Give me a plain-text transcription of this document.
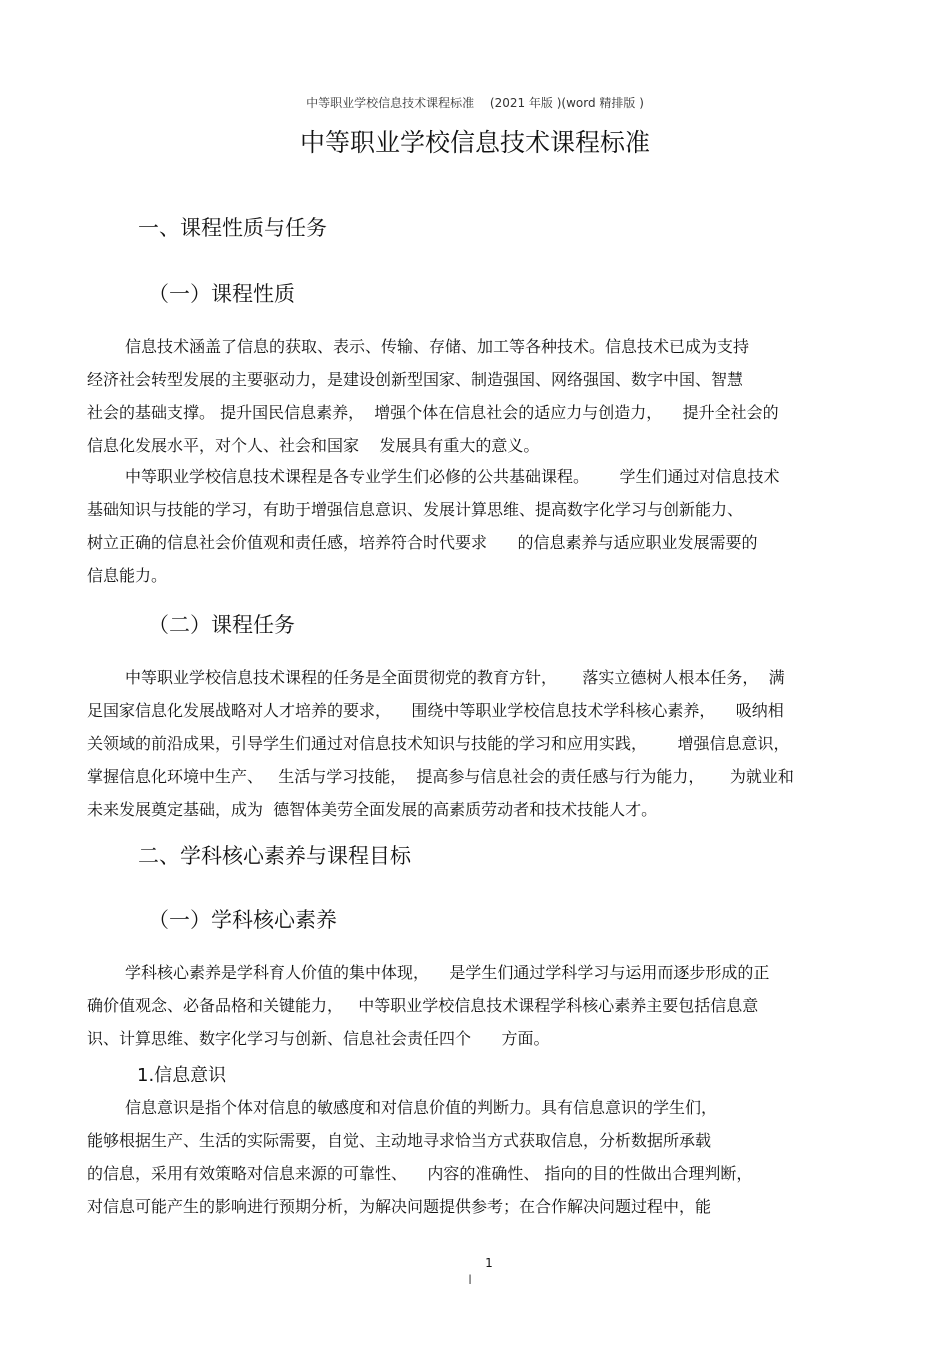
中等职业学校信息技术课程标准　 (2021 年版 )(word 精排版 )
中等职业学校信息技术课程标准
一、课程性质与任务
（一）课程性质
信息技术涵盖了信息的获取、表示、传输、存储、加工等各种技术。信息技术已成为支持
经济社会转型发展的主要驱动力，是建设创新型国家、制造强国、网络强国、数字中国、智慧
社会的基础支撑。 提升国民信息素养，  增强个体在信息社会的适应力与创造力，    提升全社会的
信息化发展水平，对个人、社会和国家    发展具有重大的意义。
中等职业学校信息技术课程是各专业学生们必修的公共基础课程。      学生们通过对信息技术
基础知识与技能的学习，有助于增强信息意识、发展计算思维、提高数字化学习与创新能力、
树立正确的信息社会价值观和责任感，培养符合时代要求      的信息素养与适应职业发展需要的
信息能力。
（二）课程任务
中等职业学校信息技术课程的任务是全面贯彻党的教育方针，     落实立德树人根本任务，  满
足国家信息化发展战略对人才培养的要求，    围绕中等职业学校信息技术学科核心素养，    吸纳相
关领域的前沿成果，引导学生们通过对信息技术知识与技能的学习和应用实践，      增强信息意识，
掌握信息化环境中生产、   生活与学习技能，  提高参与信息社会的责任感与行为能力，     为就业和
未来发展奠定基础，成为  德智体美劳全面发展的高素质劳动者和技术技能人才。
二、学科核心素养与课程目标
（一）学科核心素养
学科核心素养是学科育人价值的集中体现，    是学生们通过学科学习与运用而逐步形成的正
确价值观念、必备品格和关键能力，   中等职业学校信息技术课程学科核心素养主要包括信息意
识、计算思维、数字化学习与创新、信息社会责任四个      方面。
1.信息意识
信息意识是指个体对信息的敏感度和对信息价值的判断力。具有信息意识的学生们，
能够根据生产、生活的实际需要，自觉、主动地寻求恰当方式获取信息，分析数据所承载
的信息，采用有效策略对信息来源的可靠性、    内容的准确性、 指向的目的性做出合理判断，
对信息可能产生的影响进行预期分析，为解决问题提供参考；在合作解决问题过程中，能
1
l
